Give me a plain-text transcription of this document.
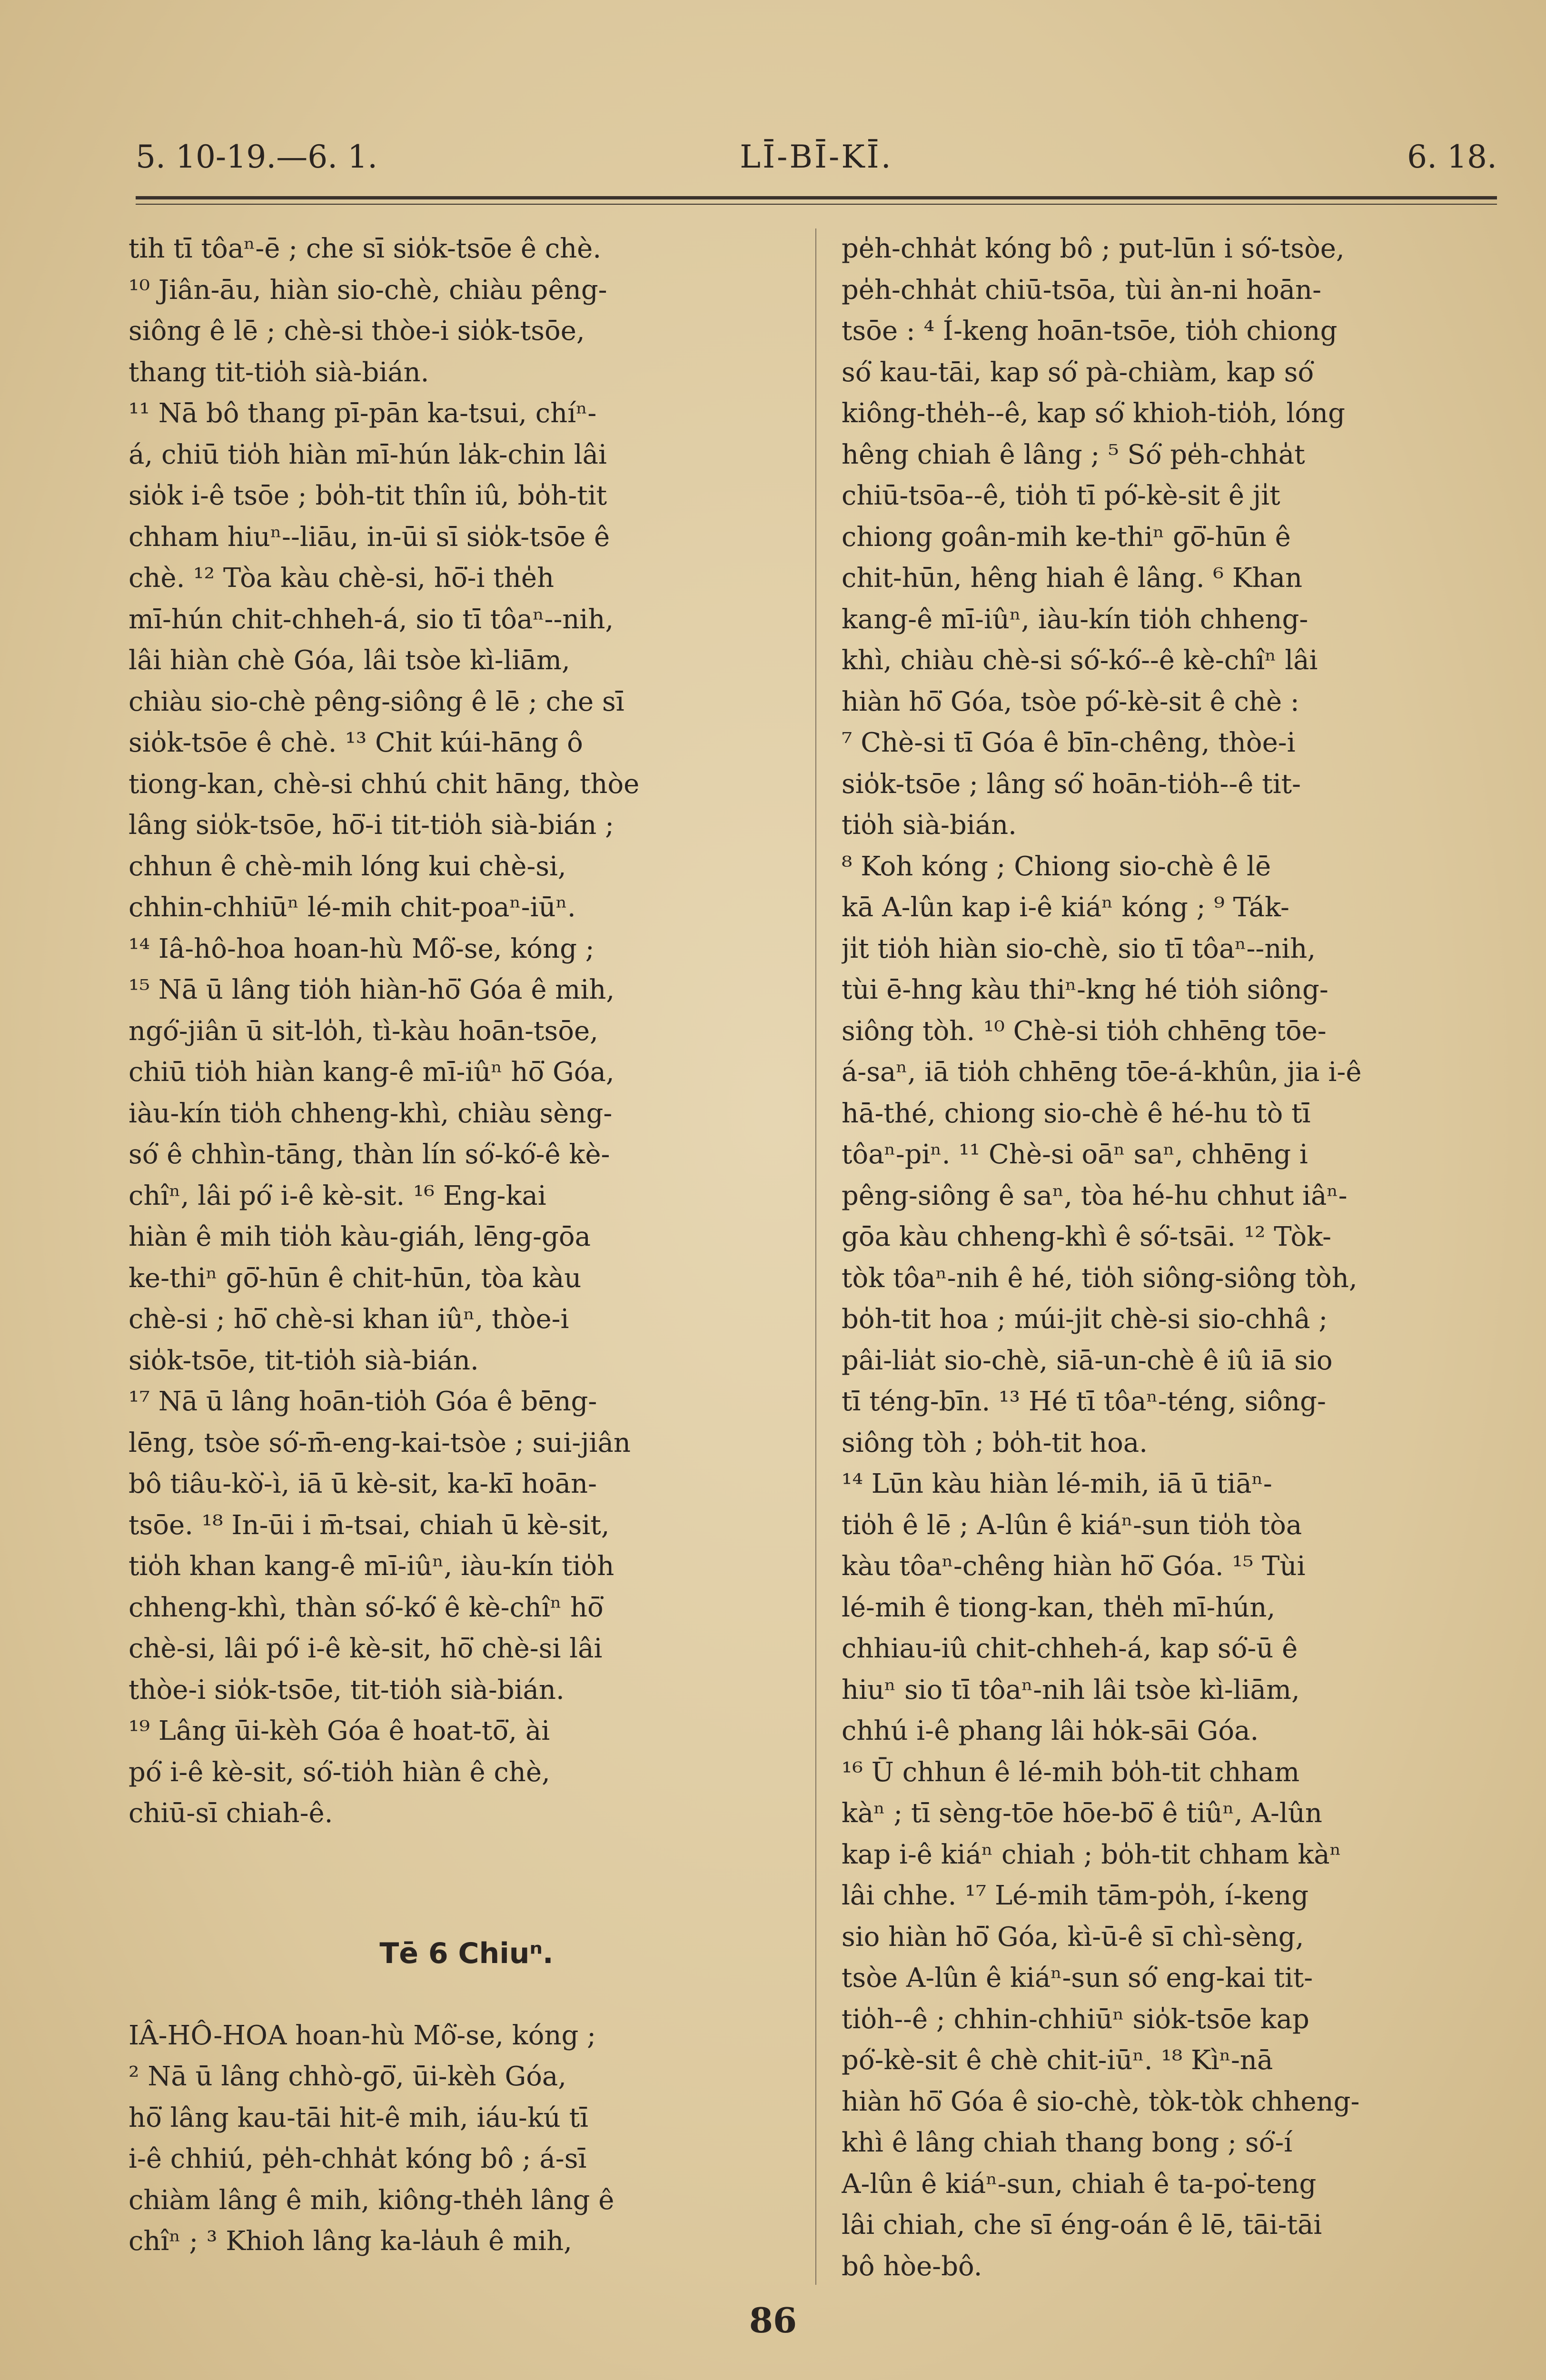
5. 10-19.—6. 1.	LĪ-BĪ-KĪ.	6. 18.
tih tī tôaⁿ-ē ; che sī sio̍k-tsōe ê chè.
¹⁰ Jiân-āu, hiàn sio-chè, chiàu pêng-
siông ê lē ; chè-si thòe-i sio̍k-tsōe,
thang tit-tio̍h sià-bián.
¹¹ Nā bô thang pī-pān ka-tsui, chíⁿ-
á, chiū tio̍h hiàn mī-hún la̍k-chin lâi
sio̍k i-ê tsōe ; bo̍h-tit thîn iû, bo̍h-tit
chham hiuⁿ--liāu, in-ūi sī sio̍k-tsōe ê
chè. ¹² Tòa kàu chè-si, hō͘-i the̍h
mī-hún chit-chheh-á, sio tī tôaⁿ--nih,
lâi hiàn chè Góa, lâi tsòe kì-liām,
chiàu sio-chè pêng-siông ê lē ; che sī
sio̍k-tsōe ê chè. ¹³ Chit kúi-hāng ô
tiong-kan, chè-si chhú chit hāng, thòe
lâng sio̍k-tsōe, hō͘-i tit-tio̍h sià-bián ;
chhun ê chè-mih lóng kui chè-si,
chhin-chhiūⁿ lé-mih chit-poaⁿ-iūⁿ.
¹⁴ Iâ-hô-hoa hoan-hù Mô͘-se, kóng ;
¹⁵ Nā ū lâng tio̍h hiàn-hō͘ Góa ê mih,
ngó͘-jiân ū sit-lo̍h, tì-kàu hoān-tsōe,
chiū tio̍h hiàn kang-ê mī-iûⁿ hō͘ Góa,
iàu-kín tio̍h chheng-khì, chiàu sèng-
só͘ ê chhìn-tāng, thàn lín só͘-kó͘-ê kè-
chîⁿ, lâi pó͘ i-ê kè-sit. ¹⁶ Eng-kai
hiàn ê mih tio̍h kàu-giáh, lēng-gōa
ke-thiⁿ gō͘-hūn ê chit-hūn, tòa kàu
chè-si ; hō͘ chè-si khan iûⁿ, thòe-i
sio̍k-tsōe, tit-tio̍h sià-bián.
¹⁷ Nā ū lâng hoān-tio̍h Góa ê bēng-
lēng, tsòe só͘-m̄-eng-kai-tsòe ; sui-jiân
bô tiâu-kò͘-ì, iā ū kè-sit, ka-kī hoān-
tsōe. ¹⁸ In-ūi i m̄-tsai, chiah ū kè-sit,
tio̍h khan kang-ê mī-iûⁿ, iàu-kín tio̍h
chheng-khì, thàn só͘-kó͘ ê kè-chîⁿ hō͘
chè-si, lâi pó͘ i-ê kè-sit, hō͘ chè-si lâi
thòe-i sio̍k-tsōe, tit-tio̍h sià-bián.
¹⁹ Lâng ūi-kèh Góa ê hoat-tō͘, ài
pó͘ i-ê kè-sit, só͘-tio̍h hiàn ê chè,
chiū-sī chiah-ê.
Tē 6 Chiuⁿ.
IÂ-HÔ-HOA hoan-hù Mô͘-se, kóng ;
² Nā ū lâng chhò-gō͘, ūi-kèh Góa,
hō͘ lâng kau-tāi hit-ê mih, iáu-kú tī
i-ê chhiú, pe̍h-chha̍t kóng bô ; á-sī
chiàm lâng ê mih, kiông-the̍h lâng ê
chîⁿ ; ³ Khioh lâng ka-la̍uh ê mih,
pe̍h-chha̍t kóng bô ; put-lūn i só͘-tsòe,
pe̍h-chha̍t chiū-tsōa, tùi àn-ni hoān-
tsōe : ⁴ Í-keng hoān-tsōe, tio̍h chiong
só͘ kau-tāi, kap só͘ pà-chiàm, kap só͘
kiông-the̍h--ê, kap só͘ khioh-tio̍h, lóng
hêng chiah ê lâng ; ⁵ Só͘ pe̍h-chha̍t
chiū-tsōa--ê, tio̍h tī pó͘-kè-sit ê ji̍t
chiong goân-mih ke-thiⁿ gō͘-hūn ê
chit-hūn, hêng hiah ê lâng. ⁶ Khan
kang-ê mī-iûⁿ, iàu-kín tio̍h chheng-
khì, chiàu chè-si só͘-kó͘--ê kè-chîⁿ lâi
hiàn hō͘ Góa, tsòe pó͘-kè-sit ê chè :
⁷ Chè-si tī Góa ê bīn-chêng, thòe-i
sio̍k-tsōe ; lâng só͘ hoān-tio̍h--ê tit-
tio̍h sià-bián.
⁸ Koh kóng ; Chiong sio-chè ê lē
kā A-lûn kap i-ê kiáⁿ kóng ; ⁹ Ták-
ji̍t tio̍h hiàn sio-chè, sio tī tôaⁿ--nih,
tùi ē-hng kàu thiⁿ-kng hé tio̍h siông-
siông tòh. ¹⁰ Chè-si tio̍h chhēng tōe-
á-saⁿ, iā tio̍h chhēng tōe-á-khûn, jia i-ê
hā-thé, chiong sio-chè ê hé-hu tò tī
tôaⁿ-piⁿ. ¹¹ Chè-si oāⁿ saⁿ, chhēng i
pêng-siông ê saⁿ, tòa hé-hu chhut iâⁿ-
gōa kàu chheng-khì ê só͘-tsāi. ¹² Tòk-
tòk tôaⁿ-nih ê hé, tio̍h siông-siông tòh,
bo̍h-tit hoa ; múi-ji̍t chè-si sio-chhâ ;
pâi-lia̍t sio-chè, siā-un-chè ê iû iā sio
tī téng-bīn. ¹³ Hé tī tôaⁿ-téng, siông-
siông tòh ; bo̍h-tit hoa.
¹⁴ Lūn kàu hiàn lé-mih, iā ū tiāⁿ-
tio̍h ê lē ; A-lûn ê kiáⁿ-sun tio̍h tòa
kàu tôaⁿ-chêng hiàn hō͘ Góa. ¹⁵ Tùi
lé-mih ê tiong-kan, the̍h mī-hún,
chhiau-iû chit-chheh-á, kap só͘-ū ê
hiuⁿ sio tī tôaⁿ-nih lâi tsòe kì-liām,
chhú i-ê phang lâi ho̍k-sāi Góa.
¹⁶ Ū chhun ê lé-mih bo̍h-tit chham
kàⁿ ; tī sèng-tōe hōe-bō͘ ê tiûⁿ, A-lûn
kap i-ê kiáⁿ chiah ; bo̍h-tit chham kàⁿ
lâi chhe. ¹⁷ Lé-mih tām-po̍h, í-keng
sio hiàn hō͘ Góa, kì-ū-ê sī chì-sèng,
tsòe A-lûn ê kiáⁿ-sun só͘ eng-kai tit-
tio̍h--ê ; chhin-chhiūⁿ sio̍k-tsōe kap
pó͘-kè-sit ê chè chit-iūⁿ. ¹⁸ Kìⁿ-nā
hiàn hō͘ Góa ê sio-chè, tòk-tòk chheng-
khì ê lâng chiah thang bong ; só͘-í
A-lûn ê kiáⁿ-sun, chiah ê ta-po͘-teng
lâi chiah, che sī éng-oán ê lē, tāi-tāi
bô hòe-bô.
86
